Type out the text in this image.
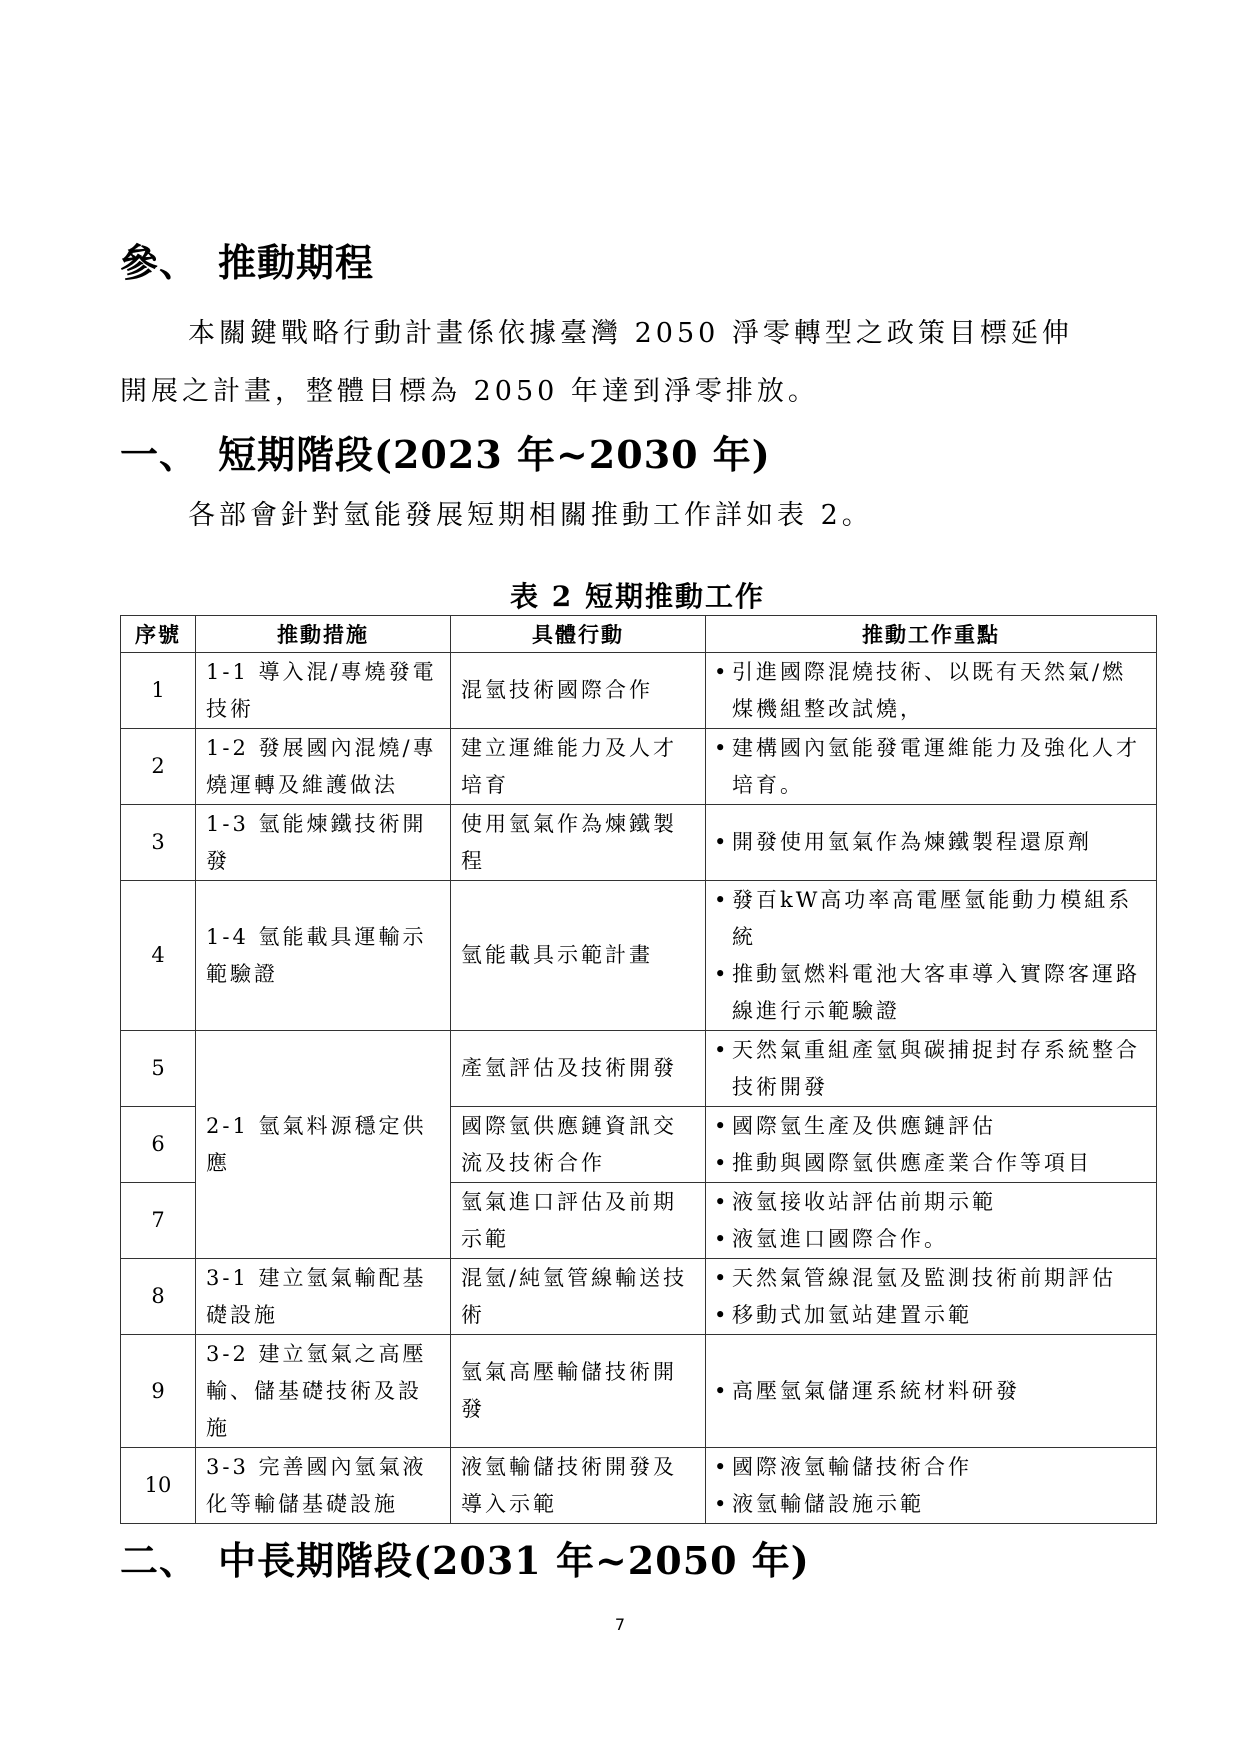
參、 推動期程

本關鍵戰略行動計畫係依據臺灣 2050 淨零轉型之政策目標延伸
開展之計畫，整體目標為 2050 年達到淨零排放。

一、 短期階段(2023 年~2030 年)

各部會針對氫能發展短期相關推動工作詳如表 2。

表 2 短期推動工作
序號	推動措施	具體行動	推動工作重點
1	1-1 導入混/專燒發電技術	混氫技術國際合作	• 引進國際混燒技術、以既有天然氣/燃煤機組整改試燒，

2	1-2 發展國內混燒/專燒運轉及維護做法	建立運維能力及人才培育	• 建構國內氫能發電運維能力及強化人才培育。

3	1-3 氫能煉鐵技術開發	使用氫氣作為煉鐵製程	• 開發使用氫氣作為煉鐵製程還原劑

4	1-4 氫能載具運輸示範驗證	氫能載具示範計畫	• 發百kW高功率高電壓氫能動力模組系統
• 推動氫燃料電池大客車導入實際客運路線進行示範驗證

5	2-1 氫氣料源穩定供應	產氫評估及技術開發	• 天然氣重組產氫與碳捕捉封存系統整合技術開發

6		國際氫供應鏈資訊交流及技術合作	• 國際氫生產及供應鏈評估
• 推動與國際氫供應產業合作等項目

7		氫氣進口評估及前期示範	• 液氫接收站評估前期示範
• 液氫進口國際合作。

8	3-1 建立氫氣輸配基礎設施	混氫/純氫管線輸送技術	• 天然氣管線混氫及監測技術前期評估
• 移動式加氫站建置示範

9	3-2 建立氫氣之高壓輸、儲基礎技術及設施	氫氣高壓輸儲技術開發	• 高壓氫氣儲運系統材料研發

10	3-3 完善國內氫氣液化等輸儲基礎設施	液氫輸儲技術開發及導入示範	• 國際液氫輸儲技術合作
• 液氫輸儲設施示範
二、 中長期階段(2031 年~2050 年)
7
